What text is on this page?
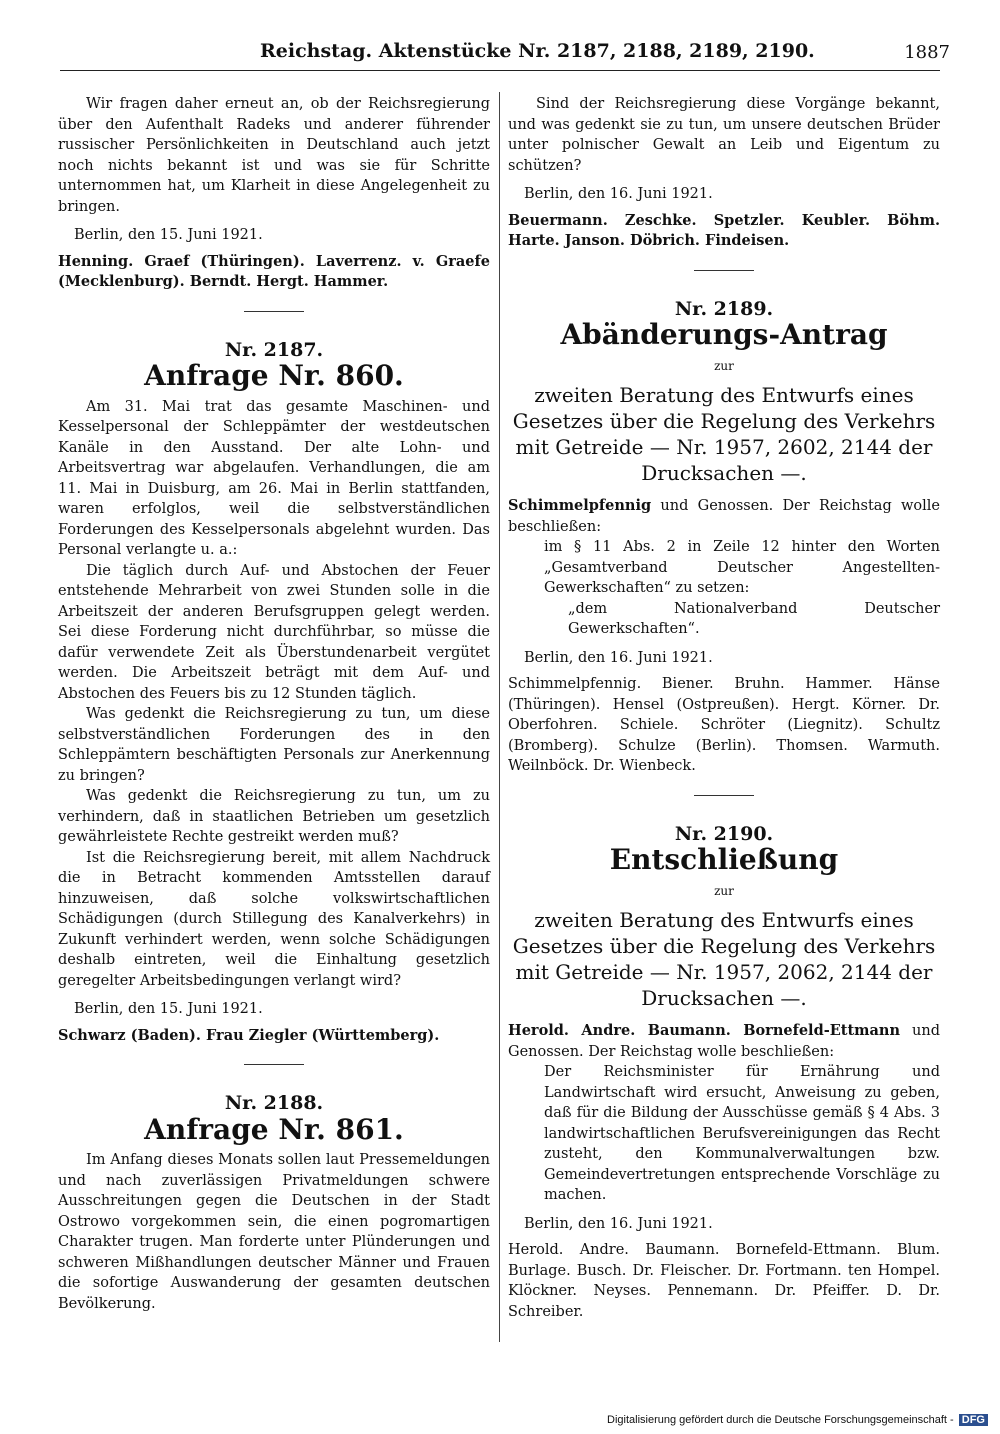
Reichstag. Aktenstücke Nr. 2187, 2188, 2189, 2190.	1887

Wir fragen daher erneut an, ob der Reichsregierung über den Aufenthalt Radeks und anderer führender russischer Persönlichkeiten in Deutschland auch jetzt noch nichts bekannt ist und was sie für Schritte unternommen hat, um Klarheit in diese Angelegenheit zu bringen.

Berlin, den 15. Juni 1921.

Henning. Graef (Thüringen). Laverrenz. v. Graefe (Mecklenburg). Berndt. Hergt. Hammer.

Nr. 2187.
Anfrage Nr. 860.

Am 31. Mai trat das gesamte Maschinen- und Kesselpersonal der Schleppämter der westdeutschen Kanäle in den Ausstand. Der alte Lohn- und Arbeitsvertrag war abgelaufen. Verhandlungen, die am 11. Mai in Duisburg, am 26. Mai in Berlin stattfanden, waren erfolglos, weil die selbstverständlichen Forderungen des Kesselpersonals abgelehnt wurden. Das Personal verlangte u. a.:

Die täglich durch Auf- und Abstochen der Feuer entstehende Mehrarbeit von zwei Stunden solle in die Arbeitszeit der anderen Berufsgruppen gelegt werden. Sei diese Forderung nicht durchführbar, so müsse die dafür verwendete Zeit als Überstundenarbeit vergütet werden. Die Arbeitszeit beträgt mit dem Auf- und Abstochen des Feuers bis zu 12 Stunden täglich.

Was gedenkt die Reichsregierung zu tun, um diese selbstverständlichen Forderungen des in den Schleppämtern beschäftigten Personals zur Anerkennung zu bringen?

Was gedenkt die Reichsregierung zu tun, um zu verhindern, daß in staatlichen Betrieben um gesetzlich gewährleistete Rechte gestreikt werden muß?

Ist die Reichsregierung bereit, mit allem Nachdruck die in Betracht kommenden Amtsstellen darauf hinzuweisen, daß solche volkswirtschaftlichen Schädigungen (durch Stillegung des Kanalverkehrs) in Zukunft verhindert werden, wenn solche Schädigungen deshalb eintreten, weil die Einhaltung gesetzlich geregelter Arbeitsbedingungen verlangt wird?

Berlin, den 15. Juni 1921.

Schwarz (Baden). Frau Ziegler (Württemberg).

Nr. 2188.
Anfrage Nr. 861.

Im Anfang dieses Monats sollen laut Pressemeldungen und nach zuverlässigen Privatmeldungen schwere Ausschreitungen gegen die Deutschen in der Stadt Ostrowo vorgekommen sein, die einen pogromartigen Charakter trugen. Man forderte unter Plünderungen und schweren Mißhandlungen deutscher Männer und Frauen die sofortige Auswanderung der gesamten deutschen Bevölkerung.

Sind der Reichsregierung diese Vorgänge bekannt, und was gedenkt sie zu tun, um unsere deutschen Brüder unter polnischer Gewalt an Leib und Eigentum zu schützen?

Berlin, den 16. Juni 1921.

Beuermann. Zeschke. Spetzler. Keubler. Böhm. Harte. Janson. Döbrich. Findeisen.

Nr. 2189.
Abänderungs-Antrag
zur
zweiten Beratung des Entwurfs eines Gesetzes über die Regelung des Verkehrs mit Getreide — Nr. 1957, 2602, 2144 der Drucksachen —.

Schimmelpfennig und Genossen. Der Reichstag wolle beschließen:

im § 11 Abs. 2 in Zeile 12 hinter den Worten „Gesamtverband Deutscher Angestellten-Gewerkschaften“ zu setzen:

„dem Nationalverband Deutscher Gewerkschaften“.

Berlin, den 16. Juni 1921.

Schimmelpfennig. Biener. Bruhn. Hammer. Hänse (Thüringen). Hensel (Ostpreußen). Hergt. Körner. Dr. Oberfohren. Schiele. Schröter (Liegnitz). Schultz (Bromberg). Schulze (Berlin). Thomsen. Warmuth. Weilnböck. Dr. Wienbeck.

Nr. 2190.
Entschließung
zur
zweiten Beratung des Entwurfs eines Gesetzes über die Regelung des Verkehrs mit Getreide — Nr. 1957, 2062, 2144 der Drucksachen —.

Herold. Andre. Baumann. Bornefeld-Ettmann und Genossen. Der Reichstag wolle beschließen:

Der Reichsminister für Ernährung und Landwirtschaft wird ersucht, Anweisung zu geben, daß für die Bildung der Ausschüsse gemäß § 4 Abs. 3 landwirtschaftlichen Berufsvereinigungen das Recht zusteht, den Kommunalverwaltungen bzw. Gemeindevertretungen entsprechende Vorschläge zu machen.

Berlin, den 16. Juni 1921.

Herold. Andre. Baumann. Bornefeld-Ettmann. Blum. Burlage. Busch. Dr. Fleischer. Dr. Fortmann. ten Hompel. Klöckner. Neyses. Pennemann. Dr. Pfeiffer. D. Dr. Schreiber.

Digitalisierung gefördert durch die Deutsche Forschungsgemeinschaft - DFG
